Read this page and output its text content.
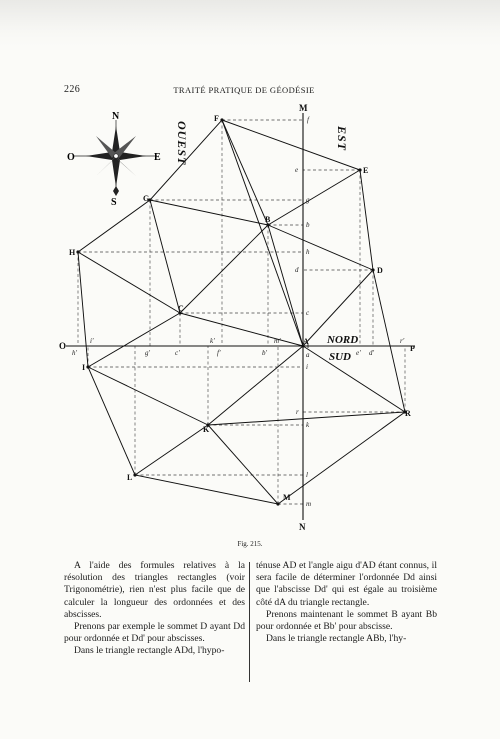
226	TRAITÉ PRATIQUE DE GÉODÉSIE
N
S
E
O	OUEST	EST
NORD
SUD
M
N
O	P
F
E
G
B
H
D
C
A
I
K
R
L
M
f
e
g
b
h
d
c
a
i
r
k
l
m
h'
i'
g'	c'
k'
f'	b'
m'
e' d'
r'
Fig. 215.

A l'aide des formules relatives à la résolution des triangles rectangles (voir Trigonométrie), rien n'est plus facile que de calculer la longueur des ordonnées et des abscisses.

Prenons par exemple le sommet D ayant Dd pour ordonnée et Dd' pour abscisses.

Dans le triangle rectangle ADd, l'hypo-

ténuse AD et l'angle aigu d'AD étant connus, il sera facile de déterminer l'ordonnée Dd ainsi que l'abscisse Dd' qui est égale au troisième côté dA du triangle rectangle.

Prenons maintenant le sommet B ayant Bb pour ordonnée et Bb' pour abscisse.

Dans le triangle rectangle ABb, l'hy-
